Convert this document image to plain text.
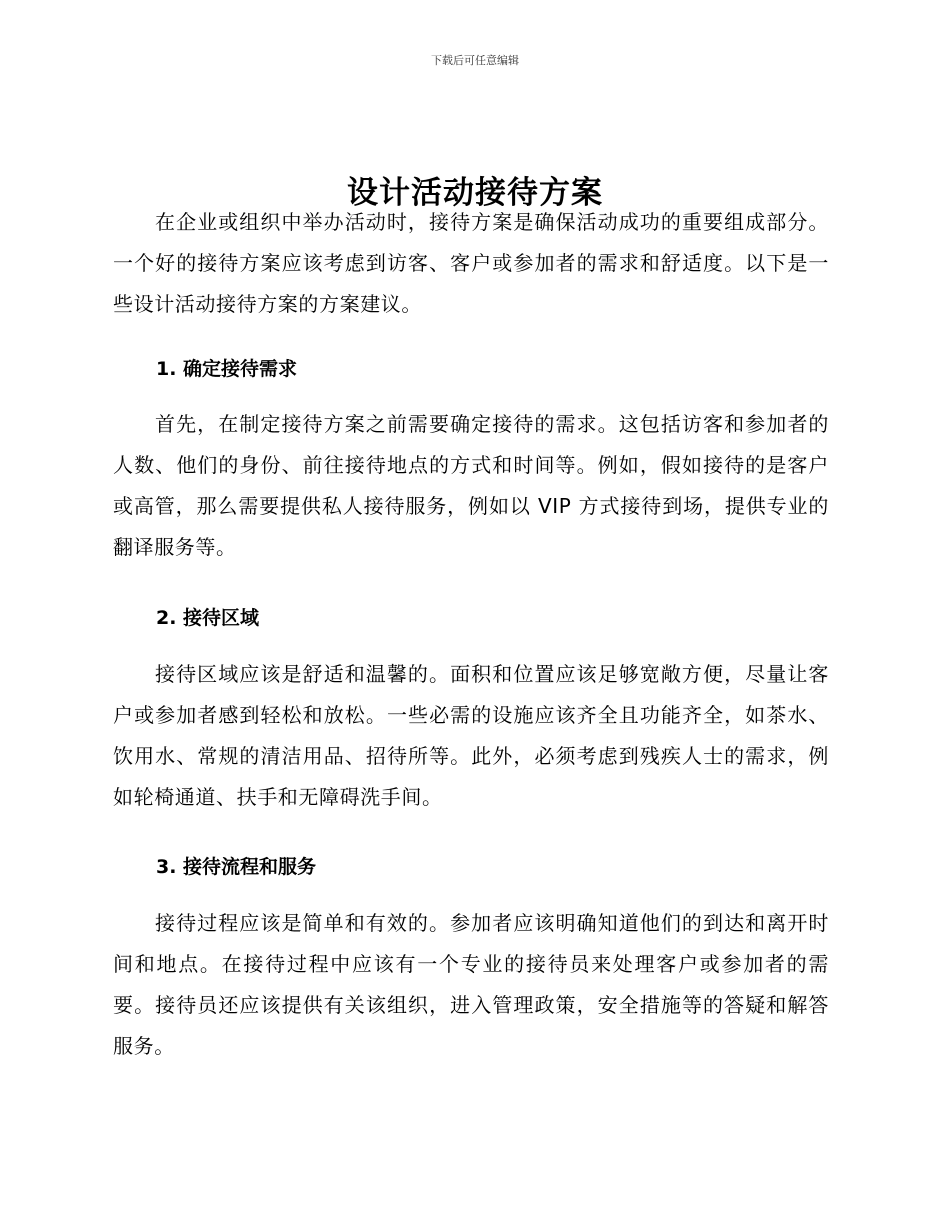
下载后可任意编辑
设计活动接待方案

在企业或组织中举办活动时，接待方案是确保活动成功的重要组成部分。一个好的接待方案应该考虑到访客、客户或参加者的需求和舒适度。以下是一些设计活动接待方案的方案建议。

1. 确定接待需求

首先，在制定接待方案之前需要确定接待的需求。这包括访客和参加者的人数、他们的身份、前往接待地点的方式和时间等。例如，假如接待的是客户或高管，那么需要提供私人接待服务，例如以 VIP 方式接待到场，提供专业的翻译服务等。

2. 接待区域

接待区域应该是舒适和温馨的。面积和位置应该足够宽敞方便，尽量让客户或参加者感到轻松和放松。一些必需的设施应该齐全且功能齐全，如茶水、饮用水、常规的清洁用品、招待所等。此外，必须考虑到残疾人士的需求，例如轮椅通道、扶手和无障碍洗手间。

3. 接待流程和服务

接待过程应该是简单和有效的。参加者应该明确知道他们的到达和离开时间和地点。在接待过程中应该有一个专业的接待员来处理客户或参加者的需要。接待员还应该提供有关该组织，进入管理政策，安全措施等的答疑和解答服务。
